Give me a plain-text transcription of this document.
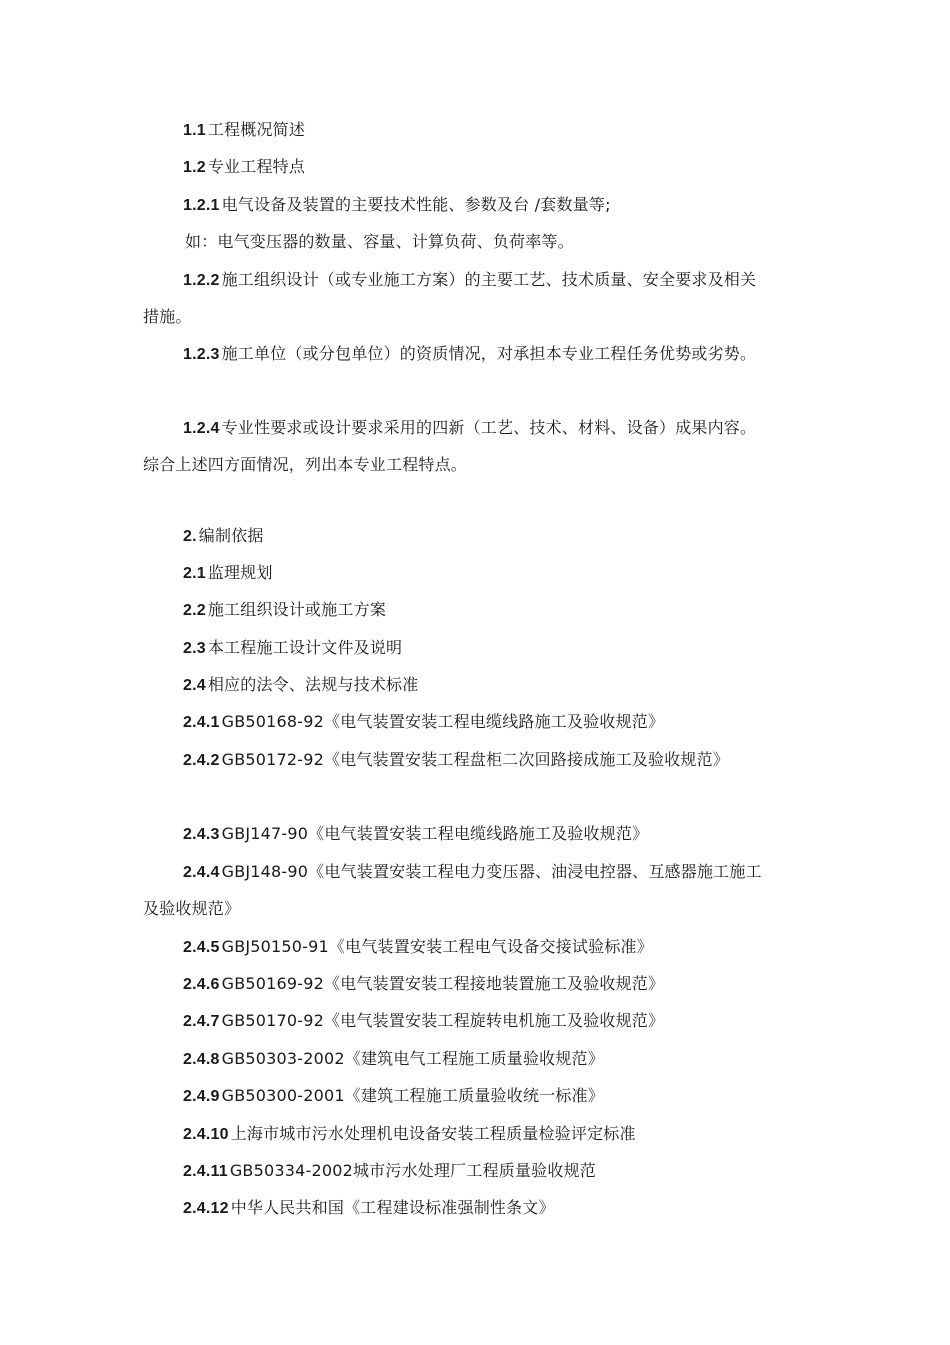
1.1 工程概况简述

1.2 专业工程特点

1.2.1 电气设备及装置的主要技术性能、参数及台 /套数量等;

如：电气变压器的数量、容量、计算负荷、负荷率等。

1.2.2 施工组织设计（或专业施工方案）的主要工艺、技术质量、安全要求及相关措施。

1.2.3 施工单位（或分包单位）的资质情况，对承担本专业工程任务优势或劣势。

1.2.4 专业性要求或设计要求采用的四新（工艺、技术、材料、设备）成果内容。综合上述四方面情况，列出本专业工程特点。

2. 编制依据

2.1 监理规划

2.2 施工组织设计或施工方案

2.3 本工程施工设计文件及说明

2.4 相应的法令、法规与技术标准

2.4.1 GB50168-92《电气装置安装工程电缆线路施工及验收规范》

2.4.2 GB50172-92《电气装置安装工程盘柜二次回路接成施工及验收规范》

2.4.3 GBJ147-90《电气装置安装工程电缆线路施工及验收规范》

2.4.4 GBJ148-90《电气装置安装工程电力变压器、油浸电控器、互感器施工施工及验收规范》

2.4.5 GBJ50150-91《电气装置安装工程电气设备交接试验标准》

2.4.6 GB50169-92《电气装置安装工程接地装置施工及验收规范》

2.4.7 GB50170-92《电气装置安装工程旋转电机施工及验收规范》

2.4.8 GB50303-2002《建筑电气工程施工质量验收规范》

2.4.9 GB50300-2001《建筑工程施工质量验收统一标准》

2.4.10 上海市城市污水处理机电设备安装工程质量检验评定标准

2.4.11 GB50334-2002城市污水处理厂工程质量验收规范

2.4.12 中华人民共和国《工程建设标准强制性条文》
